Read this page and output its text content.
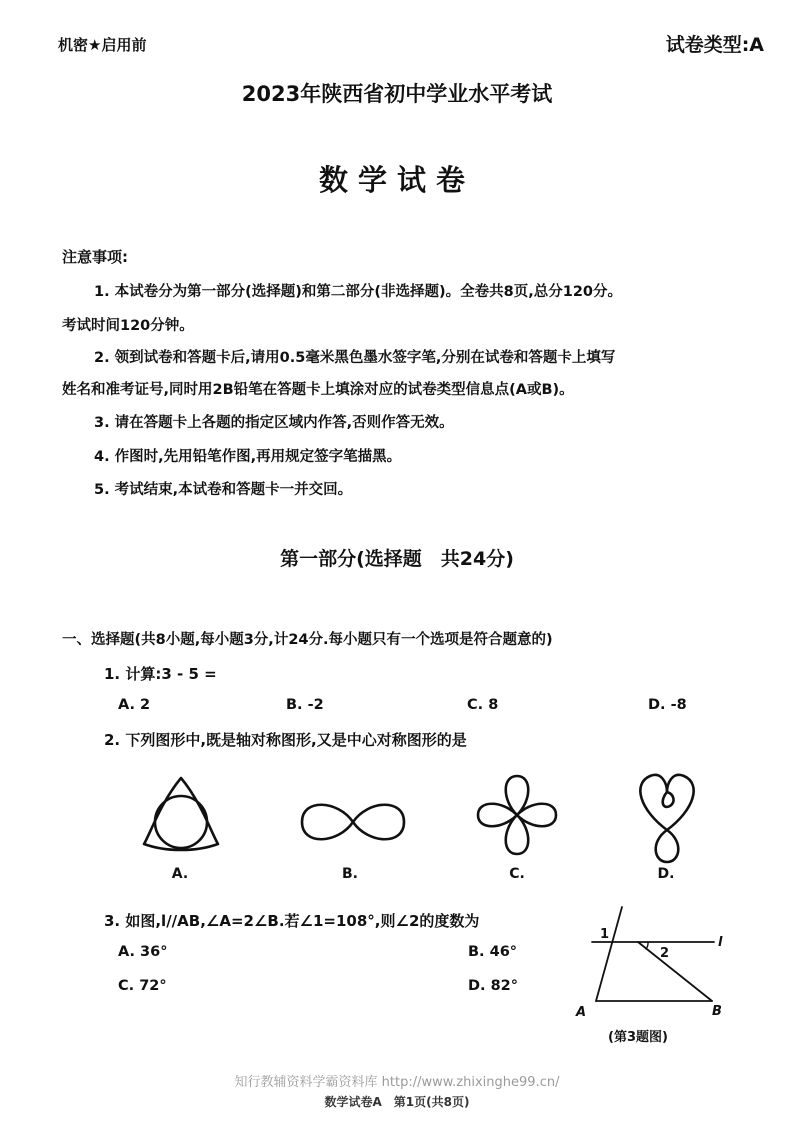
机密★启用前	试卷类型:A
2023年陕西省初中学业水平考试
数学试卷
注意事项:
1. 本试卷分为第一部分(选择题)和第二部分(非选择题)。全卷共8页,总分120分。
考试时间120分钟。
2. 领到试卷和答题卡后,请用0.5毫米黑色墨水签字笔,分别在试卷和答题卡上填写
姓名和准考证号,同时用2B铅笔在答题卡上填涂对应的试卷类型信息点(A或B)。
3. 请在答题卡上各题的指定区域内作答,否则作答无效。
4. 作图时,先用铅笔作图,再用规定签字笔描黑。
5. 考试结束,本试卷和答题卡一并交回。
第一部分(选择题　共24分)
一、选择题(共8小题,每小题3分,计24分.每小题只有一个选项是符合题意的)
1. 计算:3 - 5 =
A. 2	B. -2	C. 8	D. -8
2. 下列图形中,既是轴对称图形,又是中心对称图形的是
A.	B.	C.	D.
3. 如图,l//AB,∠A=2∠B.若∠1=108°,则∠2的度数为
A. 36°	B. 46°
C. 72°	D. 82°
1
2
l
A	B
(第3题图)
知行教辅资料学霸资料库 http://www.zhixinghe99.cn/
数学试卷A　第1页(共8页)
